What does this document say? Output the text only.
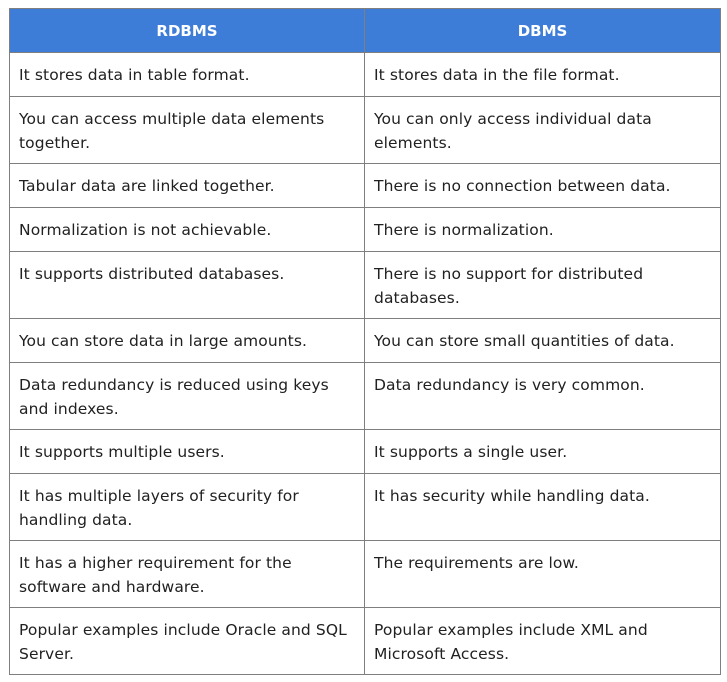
RDBMS	DBMS
It stores data in table format.	It stores data in the file format.
You can access multiple data elements together.	You can only access individual data elements.
Tabular data are linked together.	There is no connection between data.
Normalization is not achievable.	There is normalization.
It supports distributed databases.	There is no support for distributed databases.
You can store data in large amounts.	You can store small quantities of data.
Data redundancy is reduced using keys and indexes.	Data redundancy is very common.
It supports multiple users.	It supports a single user.
It has multiple layers of security for handling data.	It has security while handling data.
It has a higher requirement for the software and hardware.	The requirements are low.
Popular examples include Oracle and SQL Server.	Popular examples include XML and Microsoft Access.
